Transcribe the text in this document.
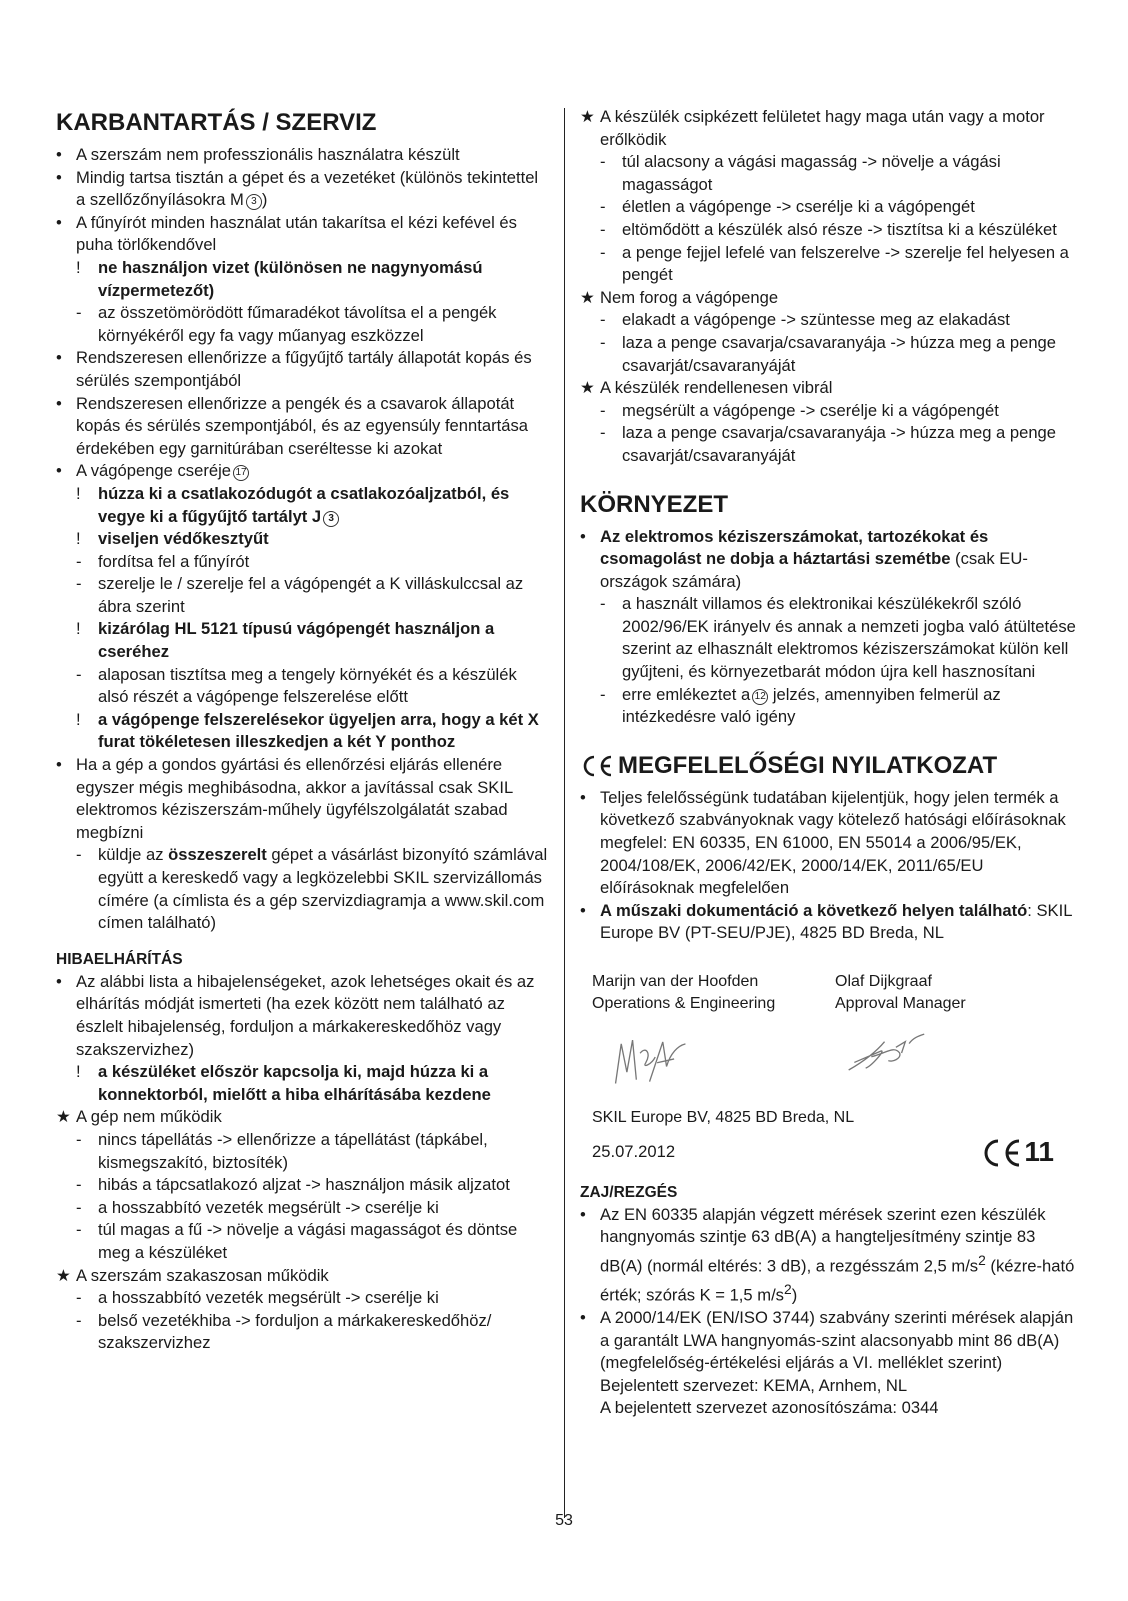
KARBANTARTÁS / SZERVIZ
• A szerszám nem professzionális használatra készült
• Mindig tartsa tisztán a gépet és a vezetéket (különös tekintettel a szellőzőnyílásokra M 3 )
• A fűnyírót minden használat után takarítsa el kézi kefével és puha törlőkendővel
!	ne használjon vizet (különösen ne nagynyomású vízpermetezőt)
- az összetömörödött fűmaradékot távolítsa el a pengék környékéről egy fa vagy műanyag eszközzel
• Rendszeresen ellenőrizze a fűgyűjtő tartály állapotát kopás és sérülés szempontjából
• Rendszeresen ellenőrizze a pengék és a csavarok állapotát kopás és sérülés szempontjából, és az egyensúly fenntartása érdekében egy garnitúrában cseréltesse ki azokat
• A vágópenge cseréje 17
!	húzza ki a csatlakozódugót a csatlakozóaljzatból, és vegye ki a fűgyűjtő tartályt J 3
!	viseljen védőkesztyűt
- fordítsa fel a fűnyírót
- szerelje le / szerelje fel a vágópengét a K villáskulccsal az ábra szerint
!	kizárólag HL 5121 típusú vágópengét használjon a cseréhez
- alaposan tisztítsa meg a tengely környékét és a készülék alsó részét a vágópenge felszerelése előtt
!	a vágópenge felszerelésekor ügyeljen arra, hogy a két X furat tökéletesen illeszkedjen a két Y ponthoz
• Ha a gép a gondos gyártási és ellenőrzési eljárás ellenére egyszer mégis meghibásodna, akkor a javítással csak SKIL elektromos kéziszerszám-műhely ügyfélszolgálatát szabad megbízni
- küldje az összeszerelt gépet a vásárlást bizonyító számlával együtt a kereskedő vagy a legközelebbi SKIL szervizállomás címére (a címlista és a gép szervizdiagramja a www.skil.com címen található)
HIBAELHÁRÍTÁS
• Az alábbi lista a hibajelenségeket, azok lehetséges okait és az elhárítás módját ismerteti (ha ezek között nem található az észlelt hibajelenség, forduljon a márkakereskedőhöz vagy szakszervizhez)
!	a készüléket először kapcsolja ki, majd húzza ki a konnektorból, mielőtt a hiba elhárításába kezdene
★ A gép nem működik
- nincs tápellátás -> ellenőrizze a tápellátást (tápkábel, kismegszakító, biztosíték)
- hibás a tápcsatlakozó aljzat -> használjon másik aljzatot
- a hosszabbító vezeték megsérült -> cserélje ki
- túl magas a fű -> növelje a vágási magasságot és döntse meg a készüléket
★ A szerszám szakaszosan működik
- a hosszabbító vezeték megsérült -> cserélje ki
- belső vezetékhiba -> forduljon a márkakereskedőhöz/ szakszervizhez
★ A készülék csipkézett felületet hagy maga után vagy a motor erőlködik
- túl alacsony a vágási magasság -> növelje a vágási magasságot
- életlen a vágópenge -> cserélje ki a vágópengét
- eltömődött a készülék alsó része -> tisztítsa ki a készüléket
- a penge fejjel lefelé van felszerelve -> szerelje fel helyesen a pengét
★ Nem forog a vágópenge
- elakadt a vágópenge -> szüntesse meg az elakadást
- laza a penge csavarja/csavaranyája -> húzza meg a penge csavarját/csavaranyáját
★ A készülék rendellenesen vibrál
- megsérült a vágópenge -> cserélje ki a vágópengét
- laza a penge csavarja/csavaranyája -> húzza meg a penge csavarját/csavaranyáját
KÖRNYEZET
• Az elektromos kéziszerszámokat, tartozékokat és csomagolást ne dobja a háztartási szemétbe (csak EU-országok számára)
- a használt villamos és elektronikai készülékekről szóló 2002/96/EK irányelv és annak a nemzeti jogba való átültetése szerint az elhasznált elektromos kéziszerszámokat külön kell gyűjteni, és környezetbarát módon újra kell hasznosítani
- erre emlékeztet a 12 jelzés, amennyiben felmerül az intézkedésre való igény
MEGFELELŐSÉGI NYILATKOZAT
• Teljes felelősségünk tudatában kijelentjük, hogy jelen termék a következő szabványoknak vagy kötelező hatósági előírásoknak megfelel: EN 60335, EN 61000, EN 55014 a 2006/95/EK, 2004/108/EK, 2006/42/EK, 2000/14/EK, 2011/65/EU előírásoknak megfelelően
• A műszaki dokumentáció a következő helyen található: SKIL Europe BV (PT-SEU/PJE), 4825 BD Breda, NL
Marijn van der Hoofden
Operations & Engineering
Olaf Dijkgraaf
Approval Manager
SKIL Europe BV, 4825 BD Breda, NL
25.07.2012	11
ZAJ/REZGÉS
• Az EN 60335 alapján végzett mérések szerint ezen készülék hangnyomás szintje 63 dB(A) a hangteljesítmény szintje 83 dB(A) (normál eltérés: 3 dB), a rezgésszám 2,5 $m/s^2$ (kézre-ható érték; szórás K = 1,5 $m/s^2$)
• A 2000/14/EK (EN/ISO 3744) szabvány szerinti mérések alapján a garantált LWA hangnyomás-szint alacsonyabb mint 86 dB(A) (megfelelőség-értékelési eljárás a VI. melléklet szerint)
Bejelentett szervezet: KEMA, Arnhem, NL
A bejelentett szervezet azonosítószáma: 0344
53
